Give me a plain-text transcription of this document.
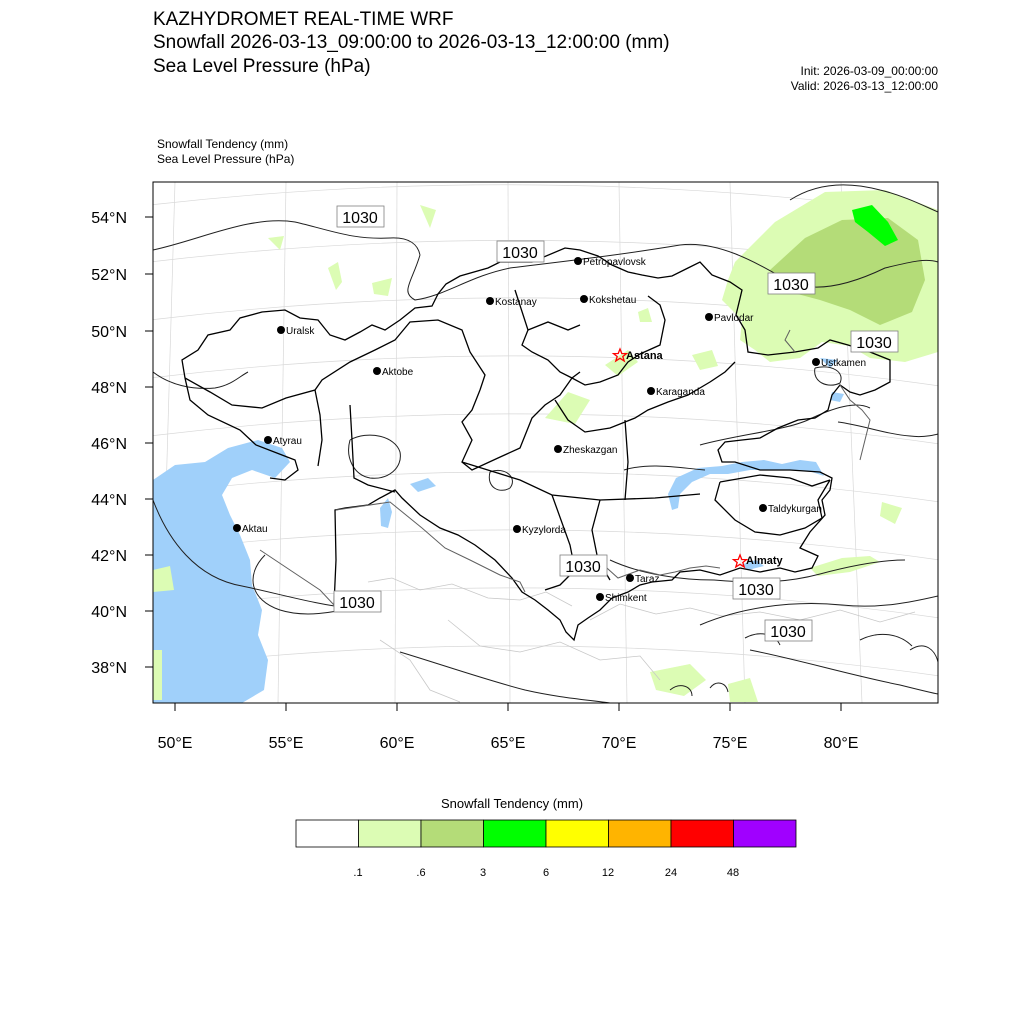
KAZHYDROMET REAL-TIME WRF
Snowfall 2026-03-13_09:00:00 to 2026-03-13_12:00:00 (mm)
Sea Level Pressure (hPa)	Init: 2026-03-09_00:00:00
Valid: 2026-03-13_12:00:00
Snowfall Tendency (mm)
Sea Level Pressure (hPa)
54°N
52°N
50°N
48°N
46°N
44°N
42°N
40°N
38°N
50°E	55°E	60°E	65°E	70°E	75°E	80°E
1030
1030
1030
1030
1030
1030
1030
1030
Petropavlovsk
Kostanay	Kokshetau
Uralsk
Pavlodar
Astana
Aktobe
Ustkamen
Karaganda
Atyrau
Zheskazgan
Aktau	Kyzylorda
Taldykurgan
Almaty
Taraz
Shimkent
Snowfall Tendency (mm)
.1	.6	3	6	12	24	48
